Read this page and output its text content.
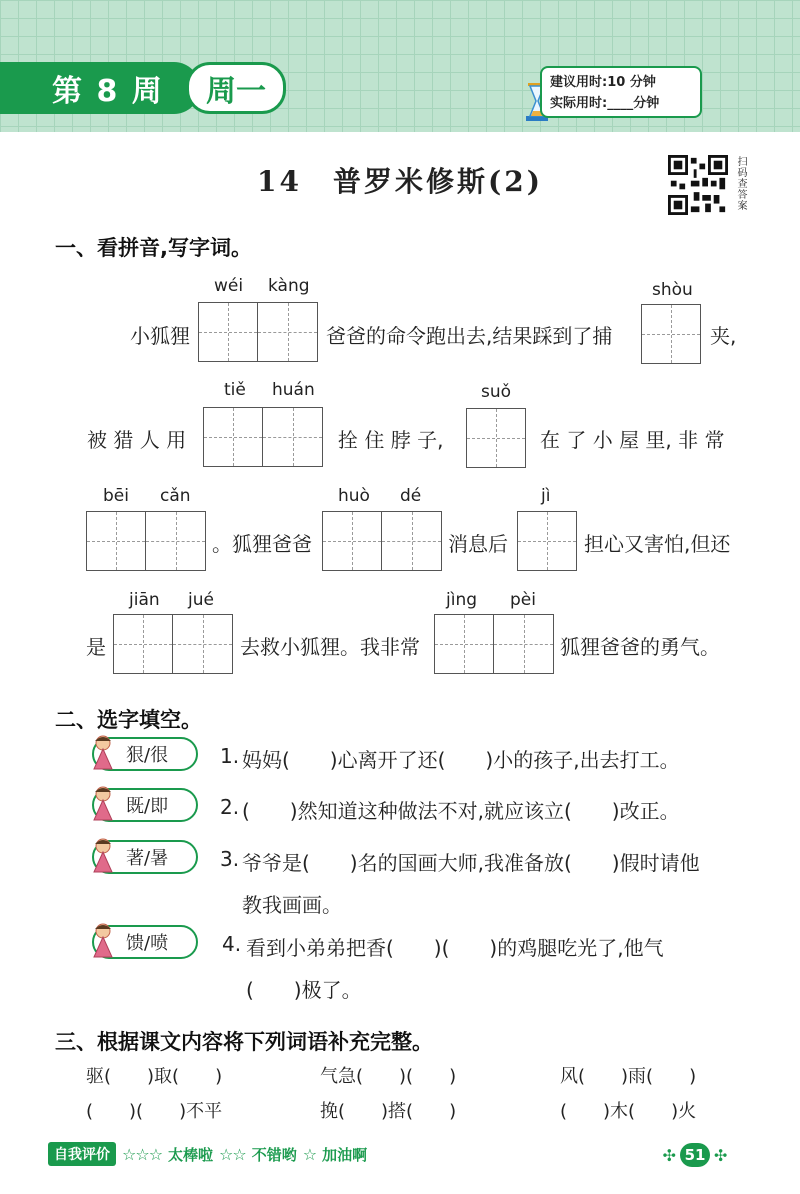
第 8 周	周一	建议用时:10 分钟
实际用时:____分钟
14　普罗米修斯(2)	扫码查答案
一、看拼音,写字词。
wéi kàng	shòu
小狐狸	爸爸的命令跑出去,结果踩到了捕	夹,
tiě huán	suǒ
被 猎 人 用	拴 住 脖 子,	在 了 小 屋 里, 非 常
bēi cǎn	huò dé	jì
。狐狸爸爸	消息后	担心又害怕,但还
jiān jué	jìng pèi
是	去救小狐狸。我非常	狐狸爸爸的勇气。
二、选字填空。
狠/很	1. 妈妈(　　)心离开了还(　　)小的孩子,出去打工。
既/即	2. (　　)然知道这种做法不对,就应该立(　　)改正。
著/暑	3. 爷爷是(　　)名的国画大师,我准备放(　　)假时请他
教我画画。
馈/喷	4. 看到小弟弟把香(　　)(　　)的鸡腿吃光了,他气
(　　)极了。
三、根据课文内容将下列词语补充完整。
驱(　　)取(　　)	气急(　　)(　　)	风(　　)雨(　　)
(　　)(　　)不平	挽(　　)搭(　　)	(　　)木(　　)火
自我评价 ☆☆☆ 太棒啦 ☆☆ 不错哟 ☆ 加油啊	✣ 51 ✣
